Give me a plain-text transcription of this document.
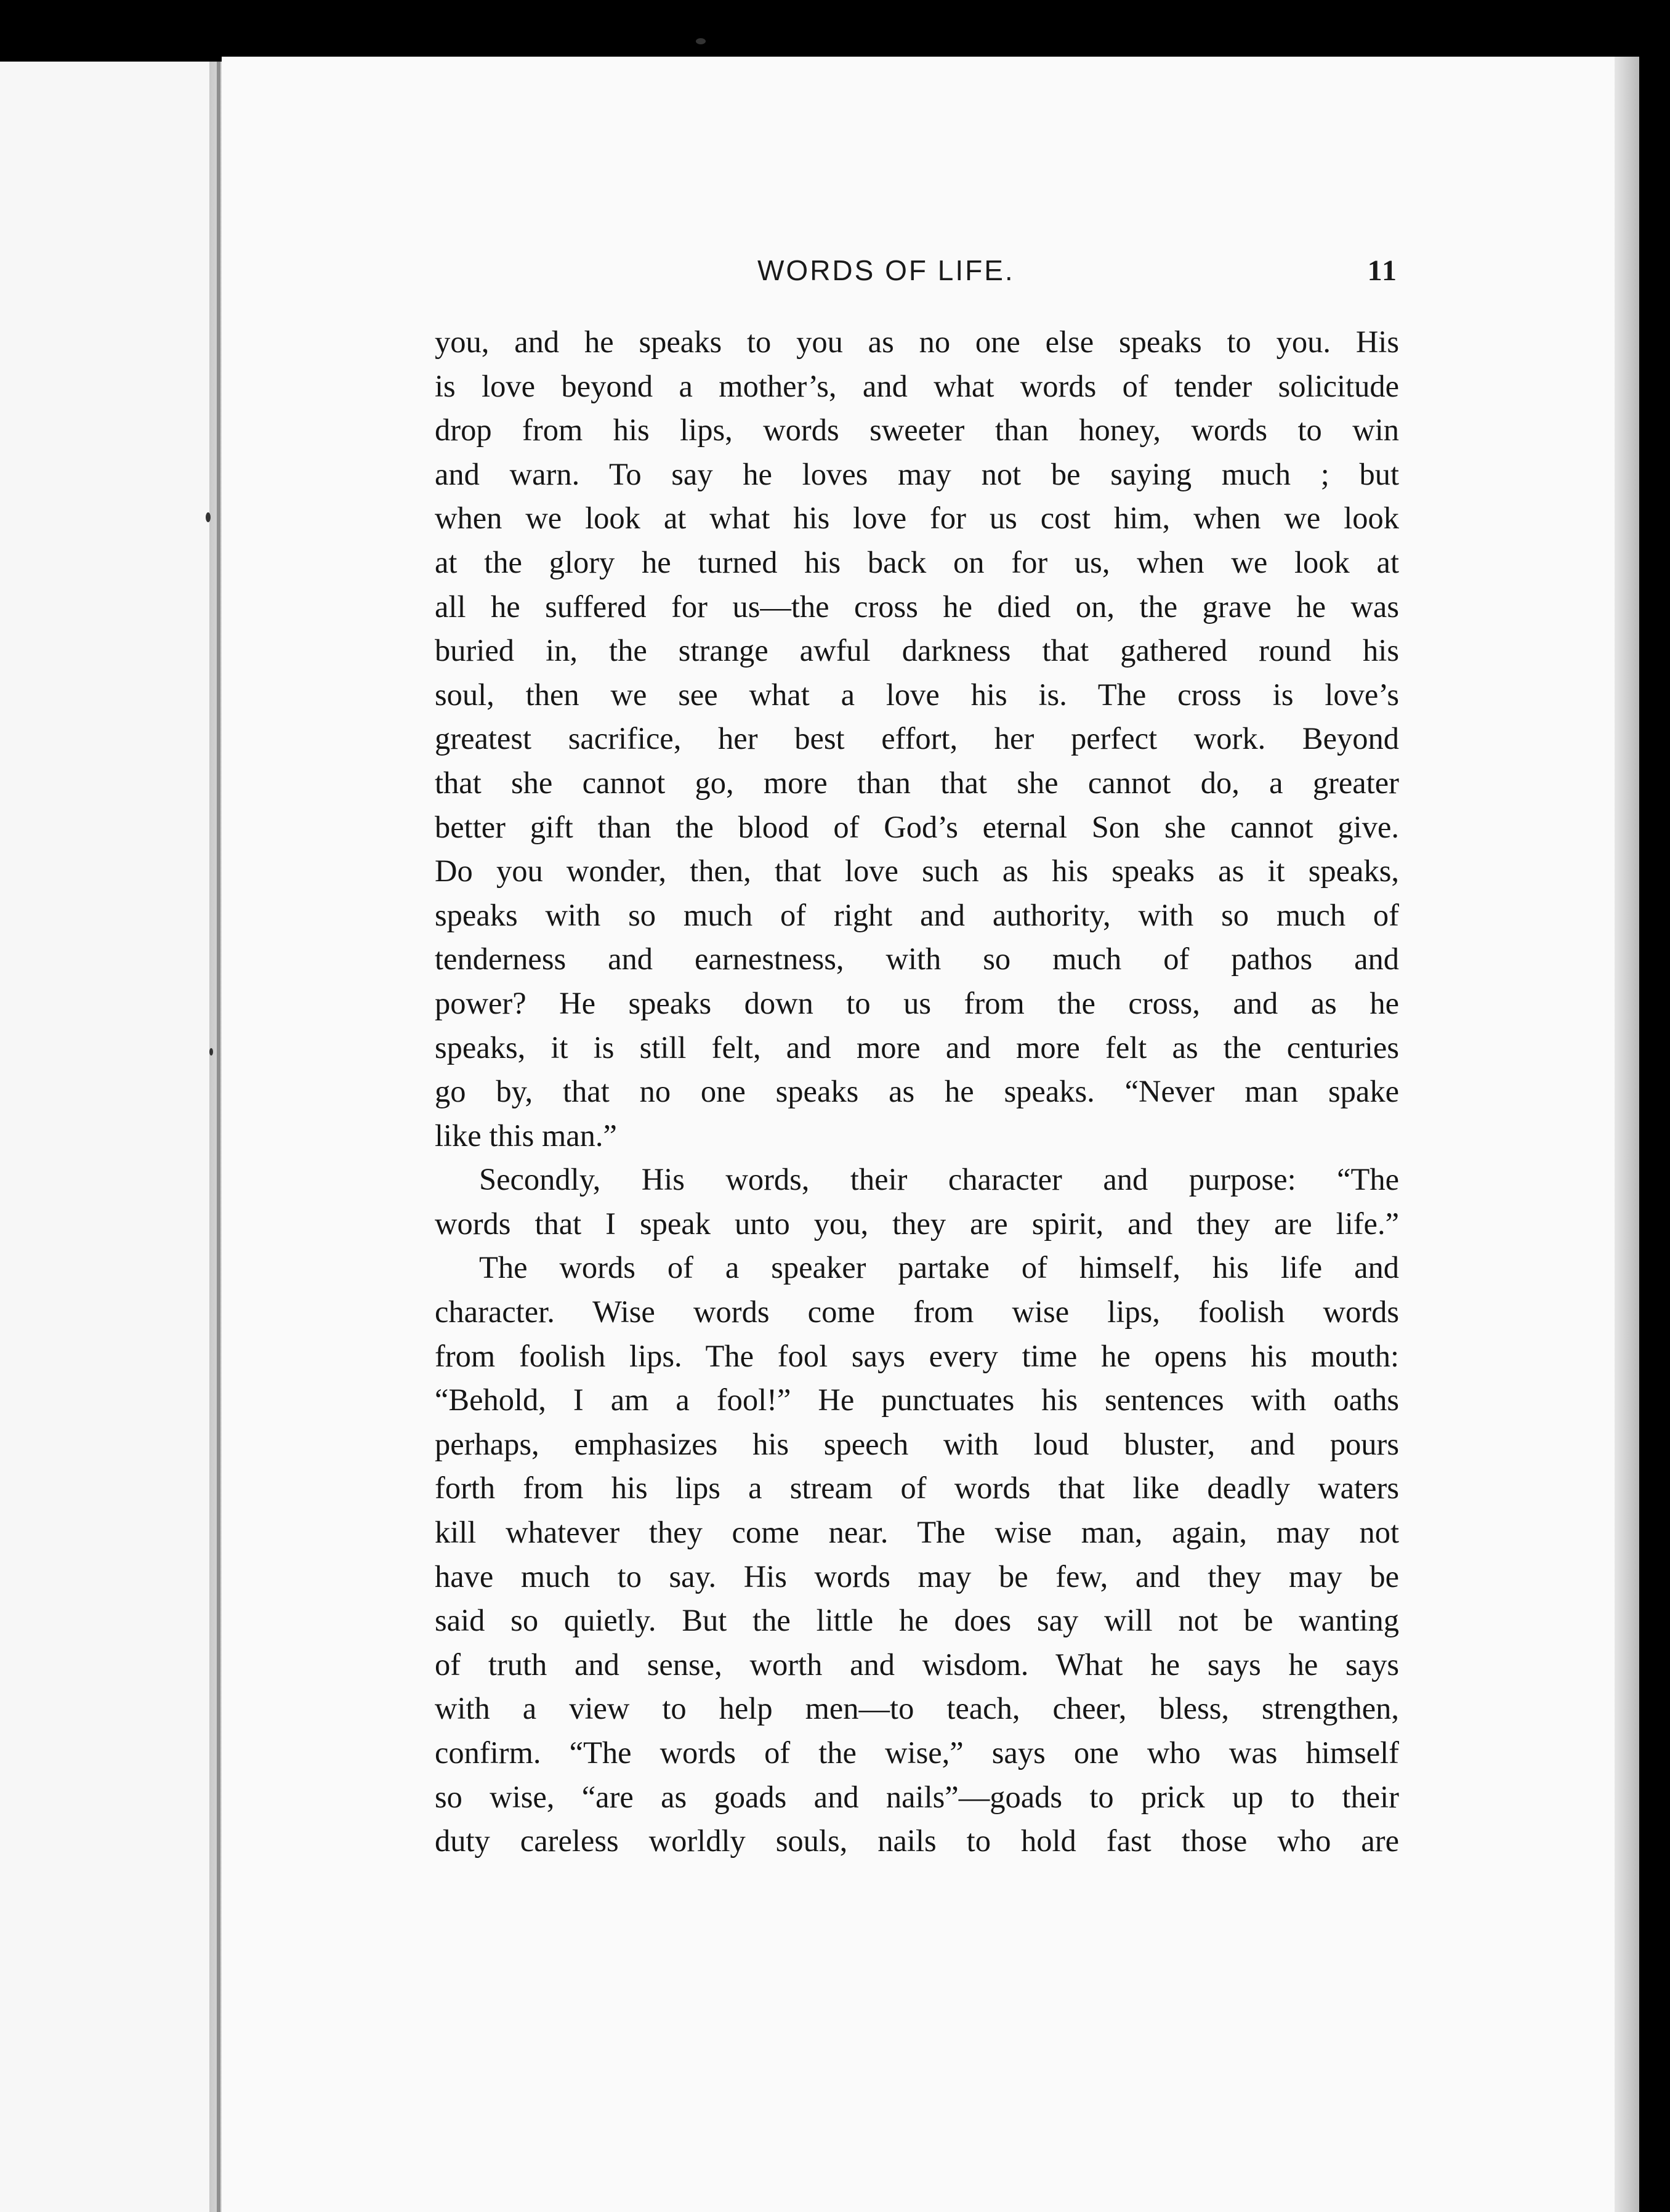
WORDS OF LIFE.	11
you, and he speaks to you as no one else speaks to you. His
is love beyond a mother’s, and what words of tender solicitude
drop from his lips, words sweeter than honey, words to win
and warn. To say he loves may not be saying much ; but
when we look at what his love for us cost him, when we look
at the glory he turned his back on for us, when we look at
all he suffered for us—the cross he died on, the grave he was
buried in, the strange awful darkness that gathered round his
soul, then we see what a love his is. The cross is love’s
greatest sacrifice, her best effort, her perfect work. Beyond
that she cannot go, more than that she cannot do, a greater
better gift than the blood of God’s eternal Son she cannot give.
Do you wonder, then, that love such as his speaks as it speaks,
speaks with so much of right and authority, with so much of
tenderness and earnestness, with so much of pathos and
power? He speaks down to us from the cross, and as he
speaks, it is still felt, and more and more felt as the centuries
go by, that no one speaks as he speaks. “Never man spake
like this man.”
Secondly, His words, their character and purpose: “The
words that I speak unto you, they are spirit, and they are life.”
The words of a speaker partake of himself, his life and
character. Wise words come from wise lips, foolish words
from foolish lips. The fool says every time he opens his mouth:
“Behold, I am a fool!” He punctuates his sentences with oaths
perhaps, emphasizes his speech with loud bluster, and pours
forth from his lips a stream of words that like deadly waters
kill whatever they come near. The wise man, again, may not
have much to say. His words may be few, and they may be
said so quietly. But the little he does say will not be wanting
of truth and sense, worth and wisdom. What he says he says
with a view to help men—to teach, cheer, bless, strengthen,
confirm. “The words of the wise,” says one who was himself
so wise, “are as goads and nails”—goads to prick up to their
duty careless worldly souls, nails to hold fast those who are
